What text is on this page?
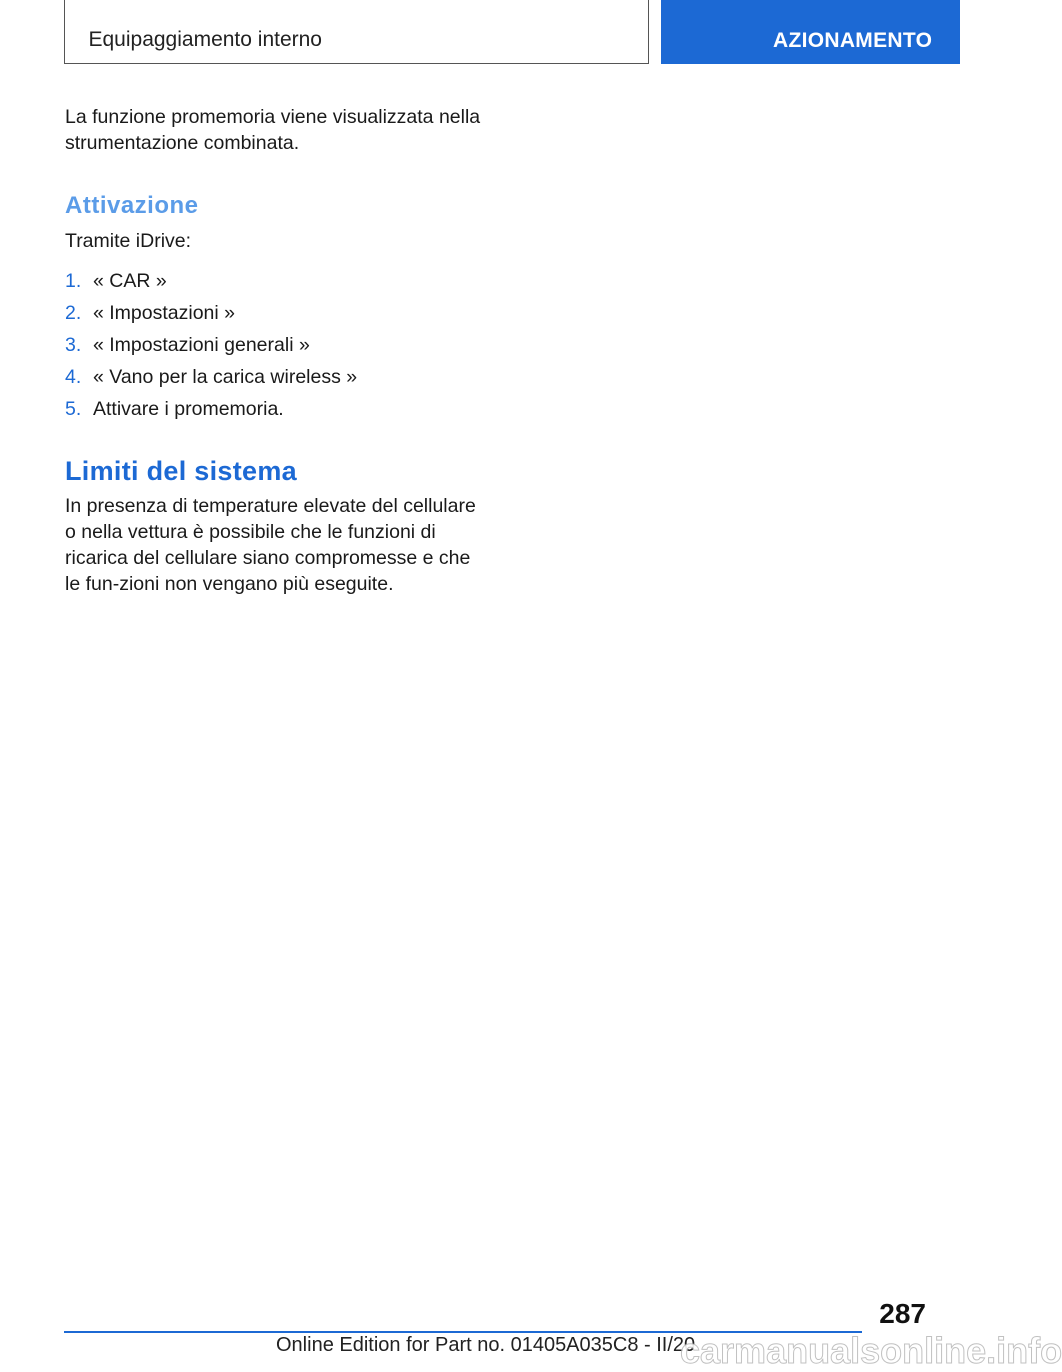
Equipaggiamento interno	AZIONAMENTO

La funzione promemoria viene visualizzata nella strumentazione combinata.

Attivazione

Tramite iDrive:

1. « CAR »
2. « Impostazioni »
3. « Impostazioni generali »
4. « Vano per la carica wireless »
5. Attivare i promemoria.
Limiti del sistema

In presenza di temperature elevate del cellulare o nella vettura è possibile che le funzioni di ricarica del cellulare siano compromesse e che le fun-zioni non vengano più eseguite.

287
Online Edition for Part no. 01405A035C8 - II/20
carmanualsonline.info
